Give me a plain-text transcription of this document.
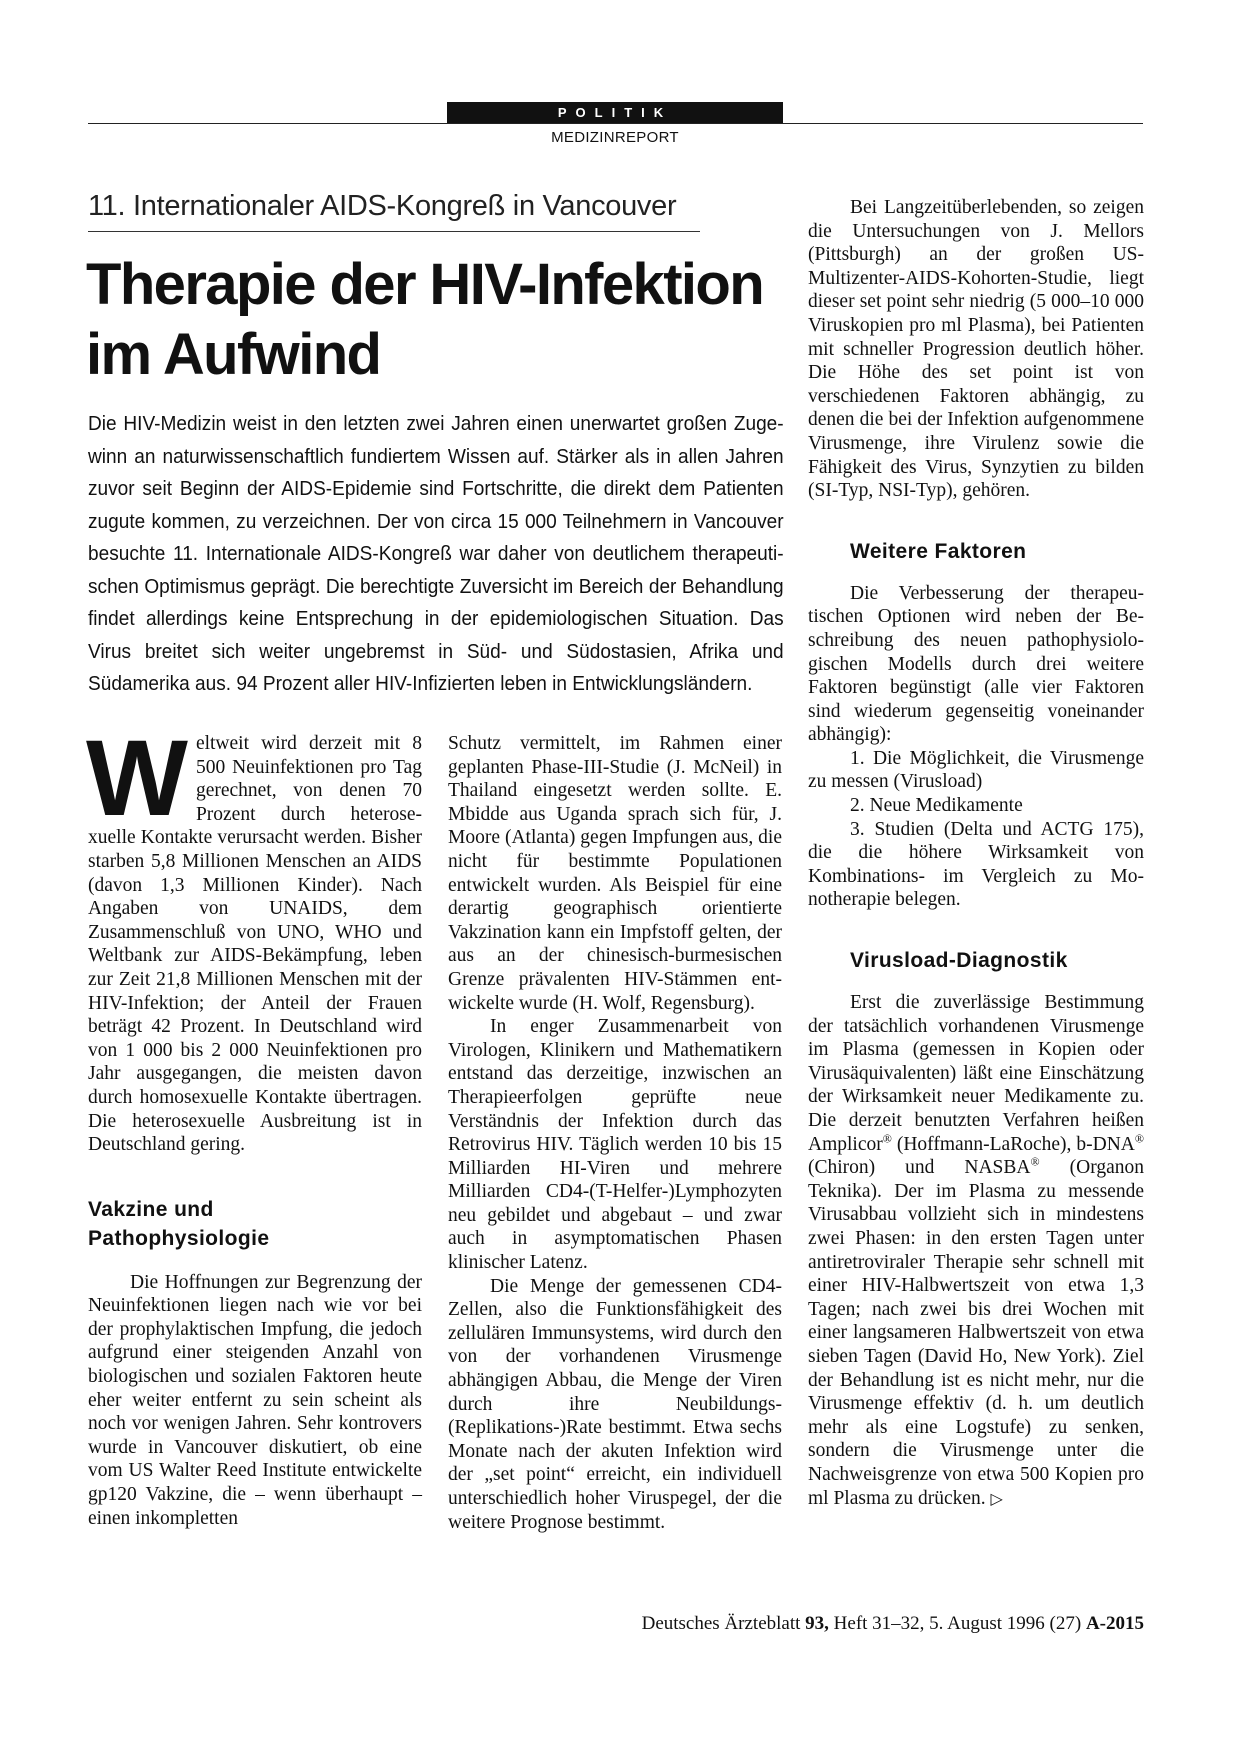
POLITIK
MEDIZINREPORT
11. Internationaler AIDS-Kongreß in Vancouver
Therapie der HIV-Infektion
im Aufwind

Die HIV-Medizin weist in den letzten zwei Jahren einen unerwartet großen Zugewinn an naturwissenschaftlich fundiertem Wissen auf. Stärker als in allen Jahren zuvor seit Beginn der AIDS-Epidemie sind Fortschritte, die direkt dem Patienten zugute kommen, zu verzeichnen. Der von circa 15 000 Teilnehmern in Vancouver besuchte 11. Internationale AIDS-Kongreß war daher von deutlichem therapeutischen Optimismus geprägt. Die berechtigte Zuversicht im Bereich der Behandlung findet allerdings keine Entsprechung in der epidemiologischen Situation. Das Virus breitet sich weiter ungebremst in Süd- und Südostasien, Afrika und Südamerika aus. 94 Prozent aller HIV-Infizierten leben in Entwicklungsländern.

Weltweit wird derzeit mit 8 500 Neuinfektionen pro Tag gerechnet, von denen 70 Prozent durch heterosexuelle Kontakte verursacht werden. Bisher starben 5,8 Millionen Menschen an AIDS (davon 1,3 Millionen Kinder). Nach Angaben von UNAIDS, dem Zusammenschluß von UNO, WHO und Weltbank zur AIDS-Bekämpfung, leben zur Zeit 21,8 Millionen Menschen mit der HIV-Infektion; der Anteil der Frauen beträgt 42 Prozent. In Deutschland wird von 1 000 bis 2 000 Neuinfektionen pro Jahr ausgegangen, die meisten davon durch homosexuelle Kontakte übertragen. Die heterosexuelle Ausbreitung ist in Deutschland gering.

Vakzine und
Pathophysiologie

Die Hoffnungen zur Begrenzung der Neuinfektionen liegen nach wie vor bei der prophylaktischen Impfung, die jedoch aufgrund einer steigenden Anzahl von biologischen und sozialen Faktoren heute eher weiter entfernt zu sein scheint als noch vor wenigen Jahren. Sehr kontrovers wurde in Vancouver diskutiert, ob eine vom US Walter Reed Institute entwickelte gp120 Vakzine, die – wenn überhaupt – einen inkompletten

Schutz vermittelt, im Rahmen einer geplanten Phase-III-Studie (J. McNeil) in Thailand eingesetzt werden sollte. E. Mbidde aus Uganda sprach sich für, J. Moore (Atlanta) gegen Impfungen aus, die nicht für bestimmte Populationen entwickelt wurden. Als Beispiel für eine derartig geographisch orientierte Vakzination kann ein Impfstoff gelten, der aus an der chinesisch-burmesischen Grenze prävalenten HIV-Stämmen entwickelte wurde (H. Wolf, Regensburg).

In enger Zusammenarbeit von Virologen, Klinikern und Mathematikern entstand das derzeitige, inzwischen an Therapieerfolgen geprüfte neue Verständnis der Infektion durch das Retrovirus HIV. Täglich werden 10 bis 15 Milliarden HI-Viren und mehrere Milliarden CD4-(T-Helfer-)Lymphozyten neu gebildet und abgebaut – und zwar auch in asymptomatischen Phasen klinischer Latenz.

Die Menge der gemessenen CD4-Zellen, also die Funktionsfähigkeit des zellulären Immunsystems, wird durch den von der vorhandenen Virusmenge abhängigen Abbau, die Menge der Viren durch ihre Neubildungs-(Replikations-)Rate bestimmt. Etwa sechs Monate nach der akuten Infektion wird der „set point“ erreicht, ein individuell unterschiedlich hoher Viruspegel, der die weitere Prognose bestimmt.

Bei Langzeitüberlebenden, so zeigen die Untersuchungen von J. Mellors (Pittsburgh) an der großen US-Multizenter-AIDS-Kohorten-Studie, liegt dieser set point sehr niedrig (5 000–10 000 Viruskopien pro ml Plasma), bei Patienten mit schneller Progression deutlich höher. Die Höhe des set point ist von verschiedenen Faktoren abhängig, zu denen die bei der Infektion aufgenommene Virusmenge, ihre Virulenz sowie die Fähigkeit des Virus, Synzytien zu bilden (SI-Typ, NSI-Typ), gehören.

Weitere Faktoren

Die Verbesserung der therapeutischen Optionen wird neben der Beschreibung des neuen pathophysiologischen Modells durch drei weitere Faktoren begünstigt (alle vier Faktoren sind wiederum gegenseitig voneinander abhängig):

1. Die Möglichkeit, die Virusmenge zu messen (Virusload)

2. Neue Medikamente

3. Studien (Delta und ACTG 175), die die höhere Wirksamkeit von Kombinations- im Vergleich zu Monotherapie belegen.

Virusload-Diagnostik

Erst die zuverlässige Bestimmung der tatsächlich vorhandenen Virusmenge im Plasma (gemessen in Kopien oder Virusäquivalenten) läßt eine Einschätzung der Wirksamkeit neuer Medikamente zu. Die derzeit benutzten Verfahren heißen Amplicor® (Hoffmann-LaRoche), b-DNA® (Chiron) und NASBA® (Organon Teknika). Der im Plasma zu messende Virusabbau vollzieht sich in mindestens zwei Phasen: in den ersten Tagen unter antiretroviraler Therapie sehr schnell mit einer HIV-Halbwertszeit von etwa 1,3 Tagen; nach zwei bis drei Wochen mit einer langsameren Halbwertszeit von etwa sieben Tagen (David Ho, New York). Ziel der Behandlung ist es nicht mehr, nur die Virusmenge effektiv (d. h. um deutlich mehr als eine Logstufe) zu senken, sondern die Virusmenge unter die Nachweisgrenze von etwa 500 Kopien pro ml Plasma zu drücken. ▷

Deutsches Ärzteblatt 93, Heft 31–32, 5. August 1996 (27) A-2015
